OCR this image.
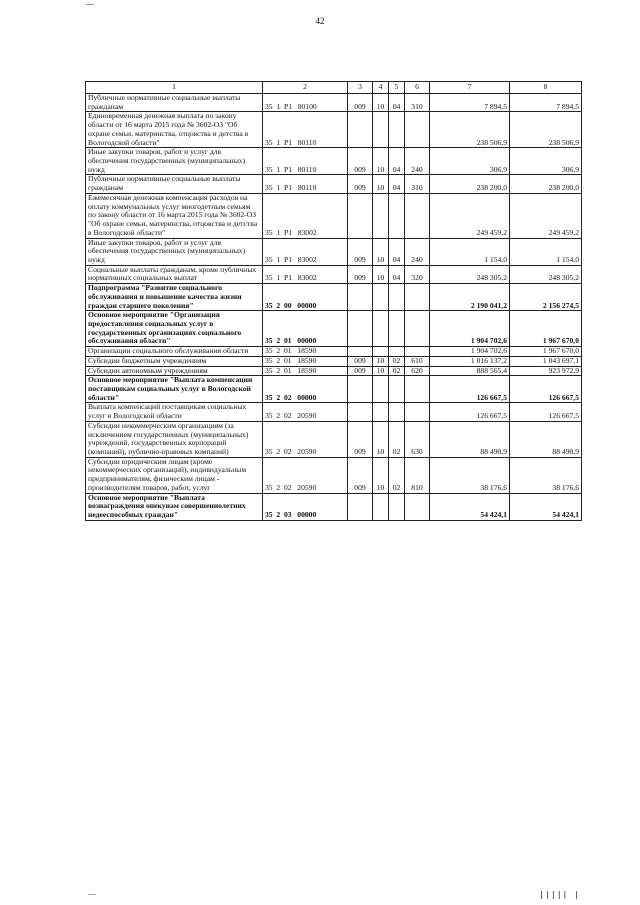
42
1	2	3	4	5	6	7	8
Публичные нормативные социальные выплаты гражданам	35  1  P1   80100	009	10	04	310	7 894,5	7 894,5
Единовременная денежная выплата по закону области от 16 марта 2015 года № 3602-ОЗ "Об охране семьи, материнства, отцовства и детства в Вологодской области"	35  1  P1   80110					238 506,9	238 506,9
Иные закупки товаров, работ и услуг для обеспечения государственных (муниципальных) нужд	35  1  P1   80110	009	10	04	240	306,9	306,9
Публичные нормативные социальные выплаты гражданам	35  1  P1   80110	009	10	04	310	238 200,0	238 200,0
Ежемесячная денежная компенсация расходов на оплату коммунальных услуг многодетным семьям по закону области от 16 марта 2015 года № 3602-ОЗ "Об охране семьи, материнства, отцовства и детства в Вологодской области"	35  1  P1   83002					249 459,2	249 459,2
Иные закупки товаров, работ и услуг для обеспечения государственных (муниципальных) нужд	35  1  P1   83002	009	10	04	240	1 154,0	1 154,0
Социальные выплаты гражданам, кроме публичных нормативных социальных выплат	35  1  P1   83002	009	10	04	320	248 305,2	248 305,2
Подпрограмма "Развитие социального обслуживания и повышение качества жизни граждан старшего поколения"	35  2  00   00000					2 190 041,2	2 156 274,5
Основное мероприятие "Организация предоставления социальных услуг в государственных организациях социального обслуживания области"	35  2  01   00000					1 904 702,6	1 967 670,0
Организации социального обслуживания области	35  2  01   18590					1 904 702,6	1 967 670,0
Субсидии бюджетным учреждениям	35  2  01   18590	009	10	02	610	1 016 137,2	1 043 697,1
Субсидии автономным учреждениям	35  2  01   18590	009	10	02	620	888 565,4	923 972,9
Основное мероприятие "Выплата компенсации поставщикам социальных услуг в Вологодской области"	35  2  02   00000					126 667,5	126 667,5
Выплата компенсаций поставщикам социальных услуг в Вологодской области	35  2  02   20590					126 667,5	126 667,5
Субсидии некоммерческим организациям (за исключением государственных (муниципальных) учреждений, государственных корпораций (компаний), публично-правовых компаний)	35  2  02   20590	009	10	02	630	88 490,9	88 490,9
Субсидии юридическим лицам (кроме некоммерческих организаций), индивидуальным предпринимателям, физическим лицам - производителям товаров, работ, услуг	35  2  02   20590	009	10	02	810	38 176,6	38 176,6
Основное мероприятие "Выплата вознаграждения опекунам совершеннолетних недееспособных граждан"	35  2  03   00000					54 424,1	54 424,1
||||| |
